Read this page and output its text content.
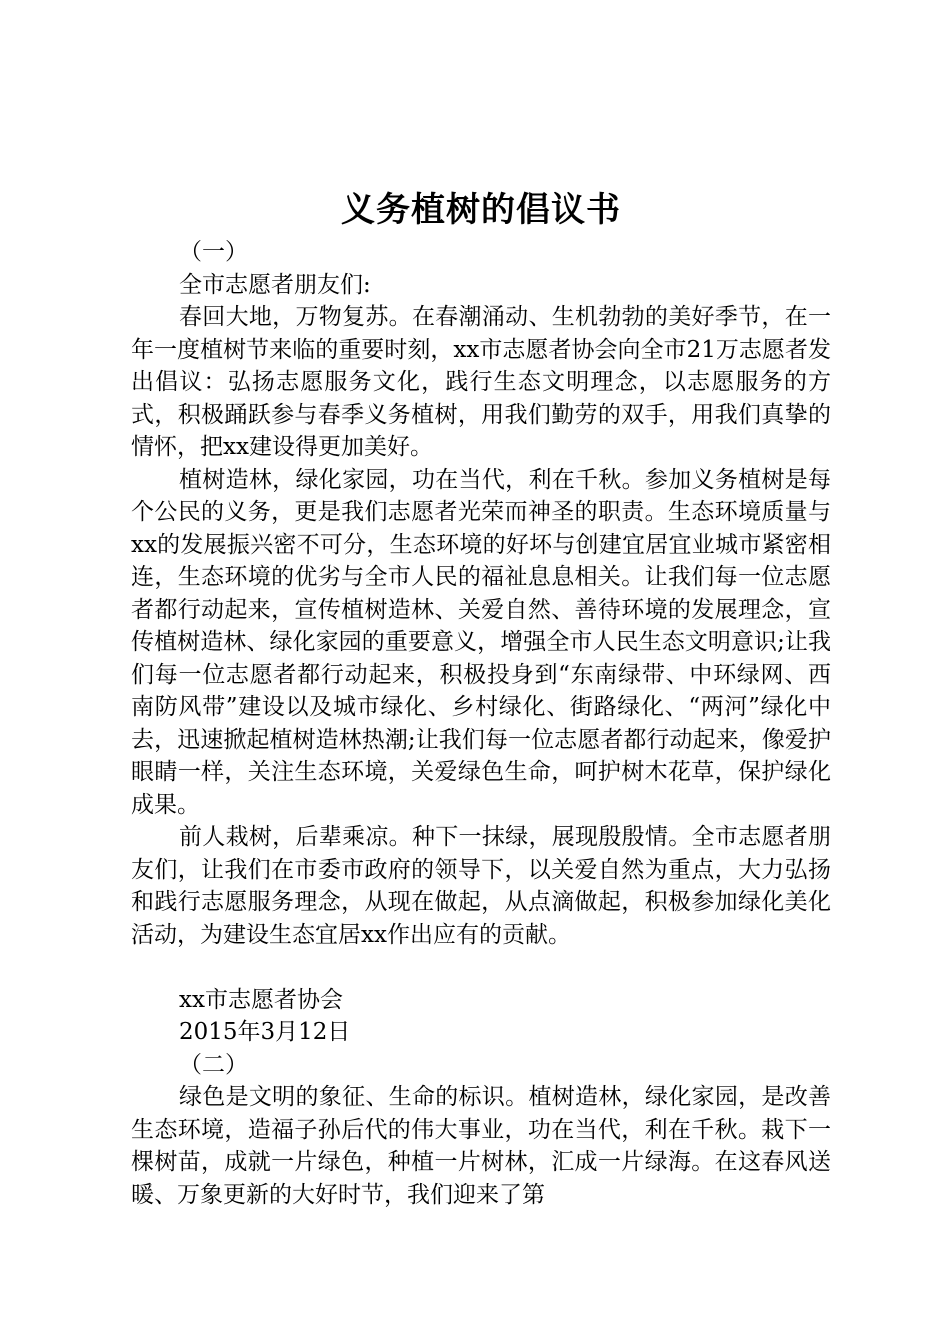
义务植树的倡议书

（一）

全市志愿者朋友们:

春回大地，万物复苏。在春潮涌动、生机勃勃的美好季节，在一年一度植树节来临的重要时刻，xx市志愿者协会向全市21万志愿者发出倡议：弘扬志愿服务文化，践行生态文明理念，以志愿服务的方式，积极踊跃参与春季义务植树，用我们勤劳的双手，用我们真挚的情怀，把xx建设得更加美好。

植树造林，绿化家园，功在当代，利在千秋。参加义务植树是每个公民的义务，更是我们志愿者光荣而神圣的职责。生态环境质量与xx的发展振兴密不可分，生态环境的好坏与创建宜居宜业城市紧密相连，生态环境的优劣与全市人民的福祉息息相关。让我们每一位志愿者都行动起来，宣传植树造林、关爱自然、善待环境的发展理念，宣传植树造林、绿化家园的重要意义，增强全市人民生态文明意识;让我们每一位志愿者都行动起来，积极投身到“东南绿带、中环绿网、西南防风带”建设以及城市绿化、乡村绿化、街路绿化、“两河”绿化中去，迅速掀起植树造林热潮;让我们每一位志愿者都行动起来，像爱护眼睛一样，关注生态环境，关爱绿色生命，呵护树木花草，保护绿化成果。

前人栽树，后辈乘凉。种下一抹绿，展现殷殷情。全市志愿者朋友们，让我们在市委市政府的领导下，以关爱自然为重点，大力弘扬和践行志愿服务理念，从现在做起，从点滴做起，积极参加绿化美化活动，为建设生态宜居xx作出应有的贡献。

xx市志愿者协会

2015年3月12日

（二）

绿色是文明的象征、生命的标识。植树造林，绿化家园，是改善生态环境，造福子孙后代的伟大事业，功在当代，利在千秋。栽下一棵树苗，成就一片绿色，种植一片树林，汇成一片绿海。在这春风送暖、万象更新的大好时节，我们迎来了第
